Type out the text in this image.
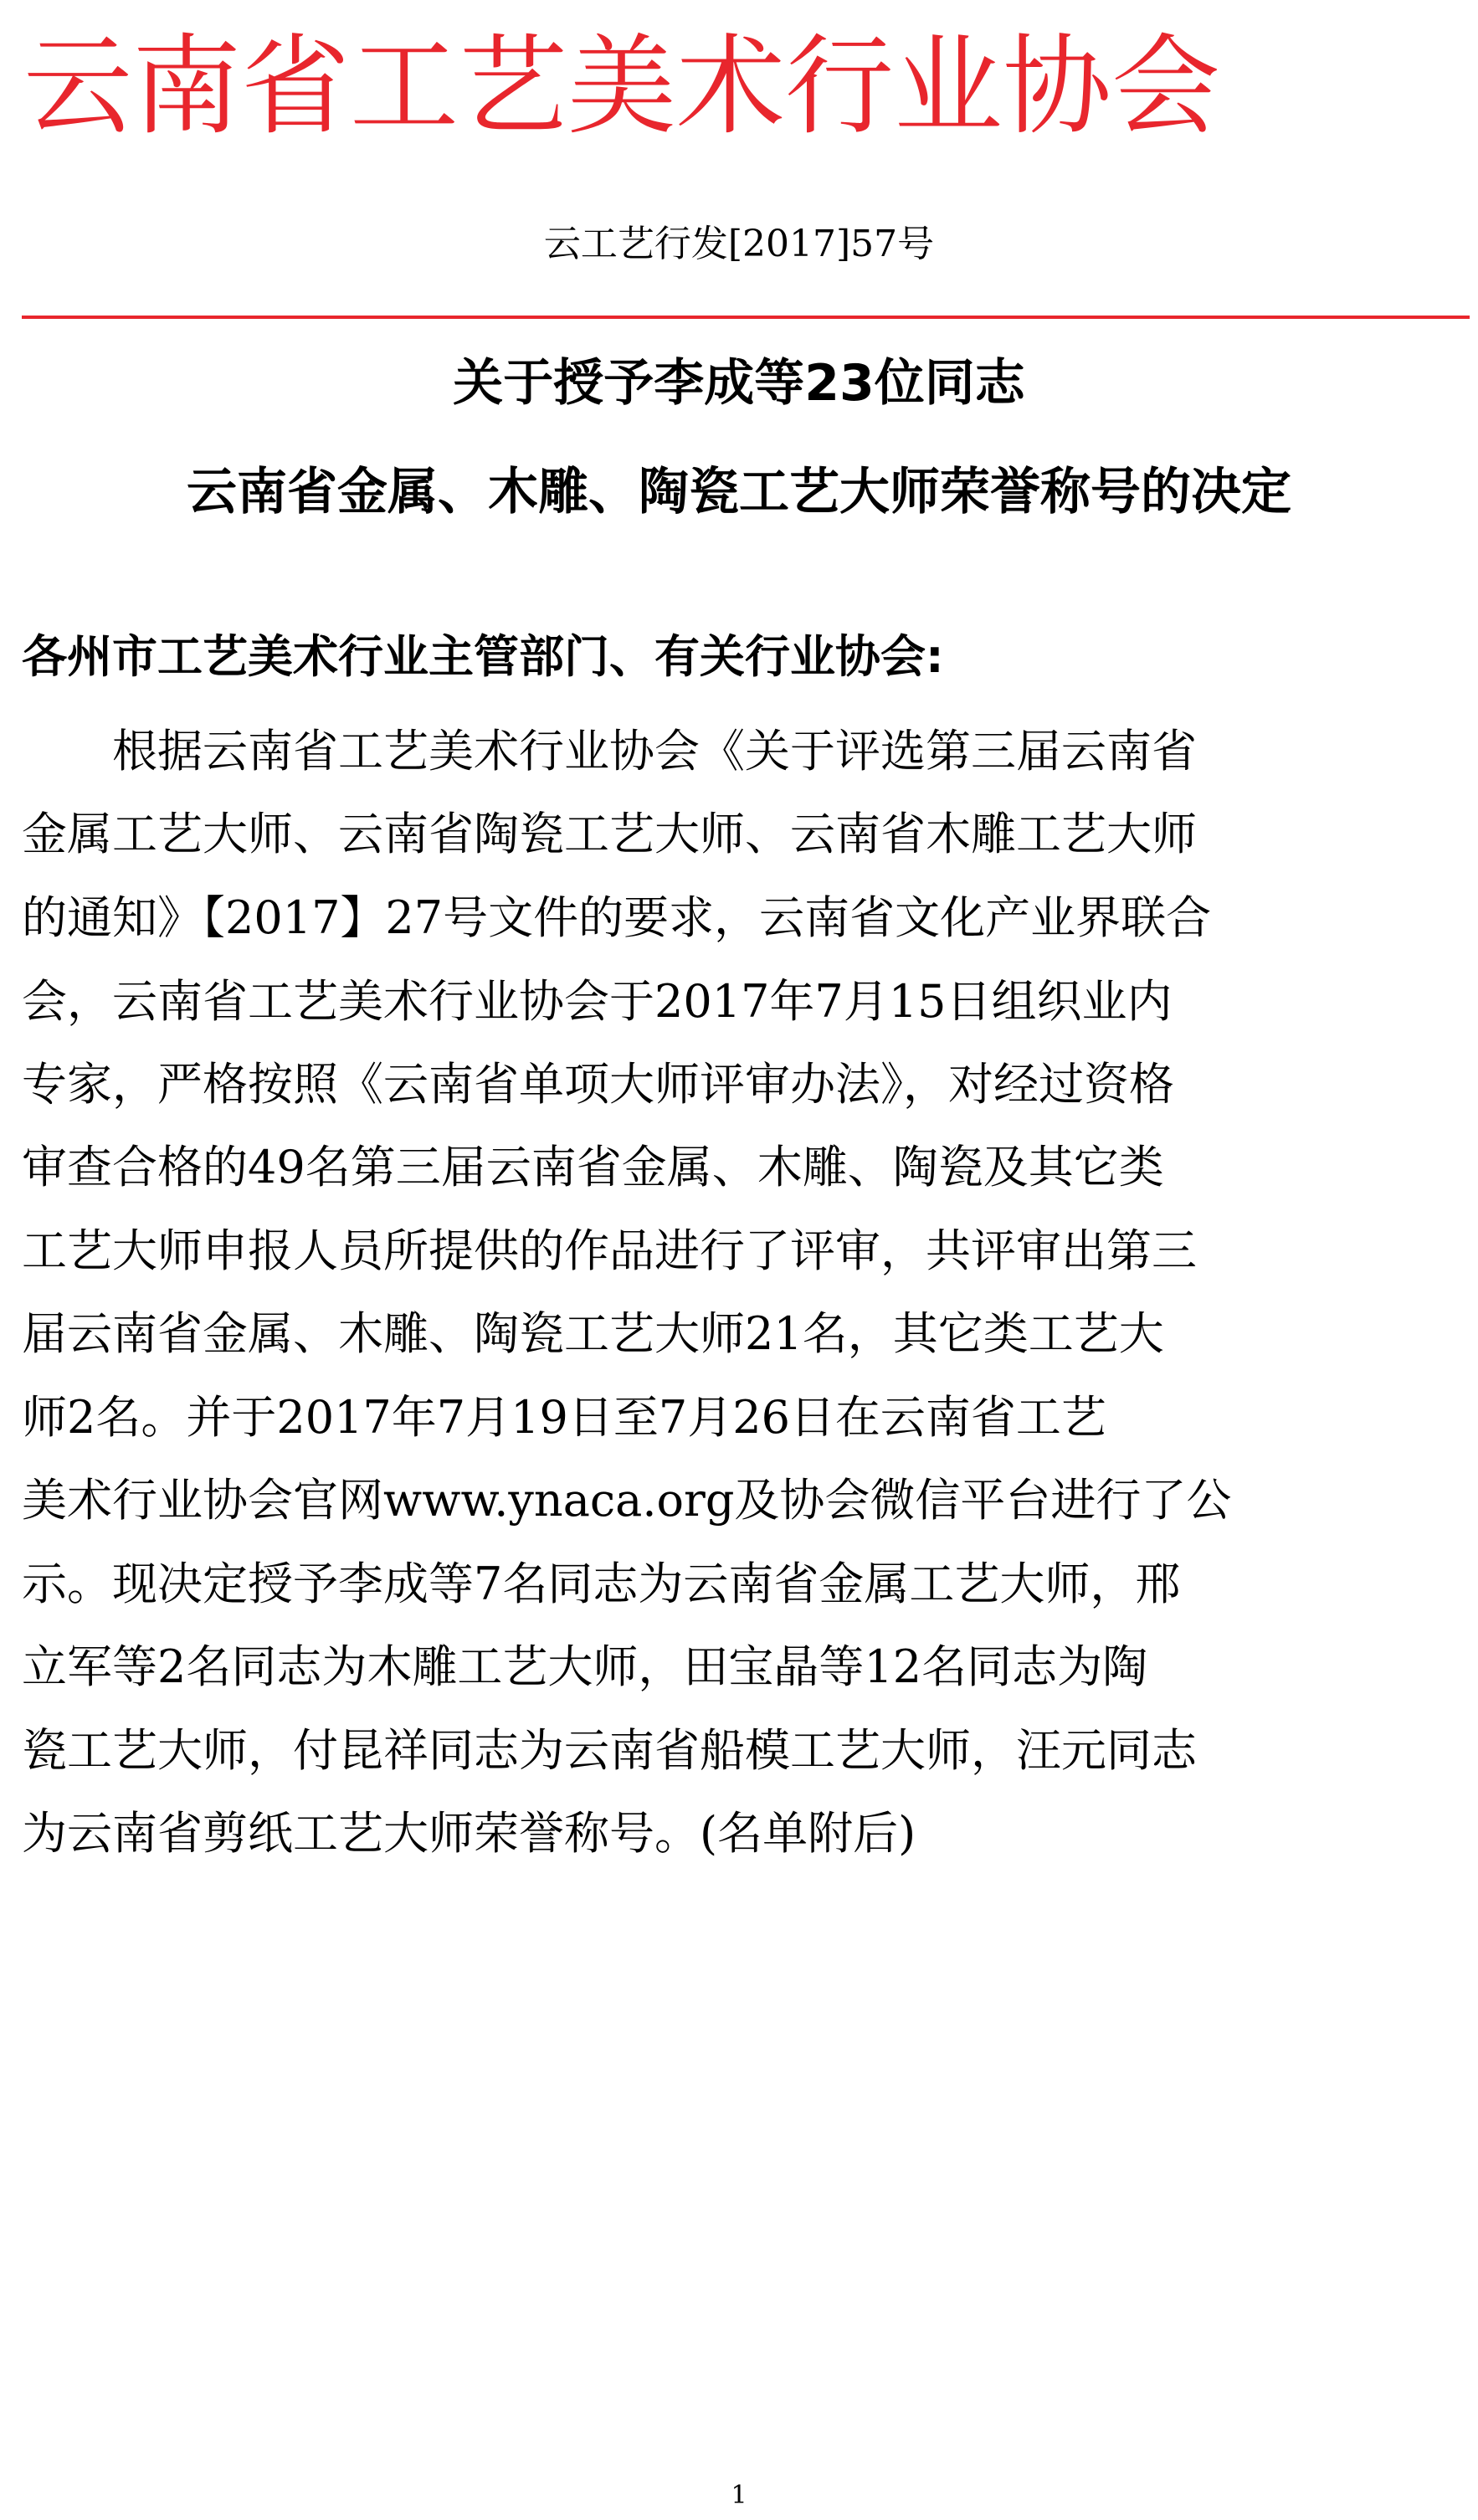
云南省工艺美术行业协会
云工艺行发[2017]57号
关于授予李成等23位同志
云南省金属、木雕、陶瓷工艺大师荣誉称号的决定
各州市工艺美术行业主管部门、有关行业协会:
　　根据云南省工艺美术行业协会《关于评选第三届云南省
金属工艺大师、云南省陶瓷工艺大师、云南省木雕工艺大师
的通知》【2017】27号文件的要求，云南省文化产业界联合
会，云南省工艺美术行业协会于2017年7月15日组织业内
专家，严格按照《云南省单项大师评审办法》，对经过资格
审查合格的49名第三届云南省金属、木雕、陶瓷及其它类
工艺大师申报人员所提供的作品进行了评审，共评审出第三
届云南省金属、木雕、陶瓷工艺大师21名，其它类工艺大
师2名。并于2017年7月19日至7月26日在云南省工艺
美术行业协会官网www.ynaca.org及协会微信平台进行了公
示。现决定授予李成等7名同志为云南省金属工艺大师，邢
立军等2名同志为木雕工艺大师，田宝晶等12名同志为陶
瓷工艺大师，付昆祥同志为云南省船模工艺大师，汪元同志
为云南省剪纸工艺大师荣誉称号。(名单附后)
1
